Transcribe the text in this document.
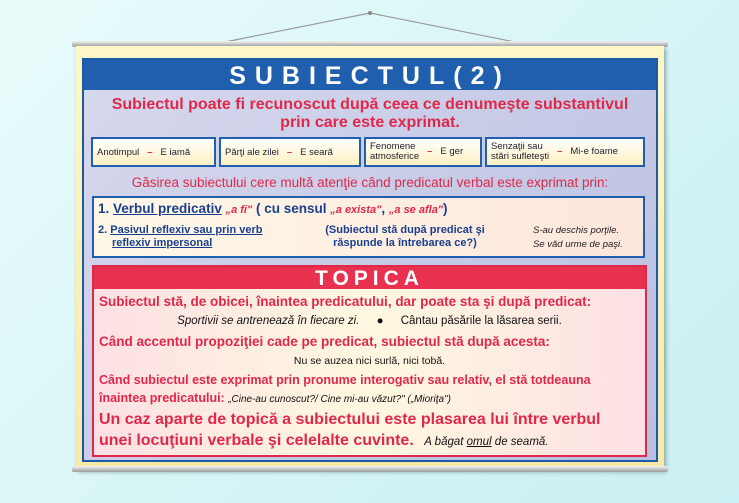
SUBIECTUL(2)
Subiectul poate fi recunoscut după ceea ce denumeşte substantivul
prin care este exprimat.
Anotimpul – E iamă	Părţi ale zilei – E seară	Fenomene
atmosferice – E ger	Senzaţii sau
stări sufleteşti – Mi-e foame
Găsirea subiectului cere multă atenţie când predicatul verbal este exprimat prin:
1. Verbul predicativ „a fi" ( cu sensul „a exista", „a se afla")
2. Pasivul reflexiv sau prin verb
reflexiv impersonal
(Subiectul stă după predicat şi
răspunde la întrebarea ce?)
S-au deschis porţile.
Se văd urme de paşi.
TOPICA
Subiectul stă, de obicei, înaintea predicatului, dar poate sta şi după predicat:
Sportivii se antrenează în fiecare zi. ● Cântau păsările la lăsarea serii.
Când accentul propoziţiei cade pe predicat, subiectul stă după acesta:
Nu se auzea nici surlă, nici tobă.
Când subiectul este exprimat prin pronume interogativ sau relativ, el stă totdeauna
înaintea predicatului: „Cine-au cunoscut?/ Cine mi-au văzut?" („Mioriţa")
Un caz aparte de topică a subiectului este plasarea lui între verbul
unei locuţiuni verbale şi celelalte cuvinte. A băgat omul de seamă.
